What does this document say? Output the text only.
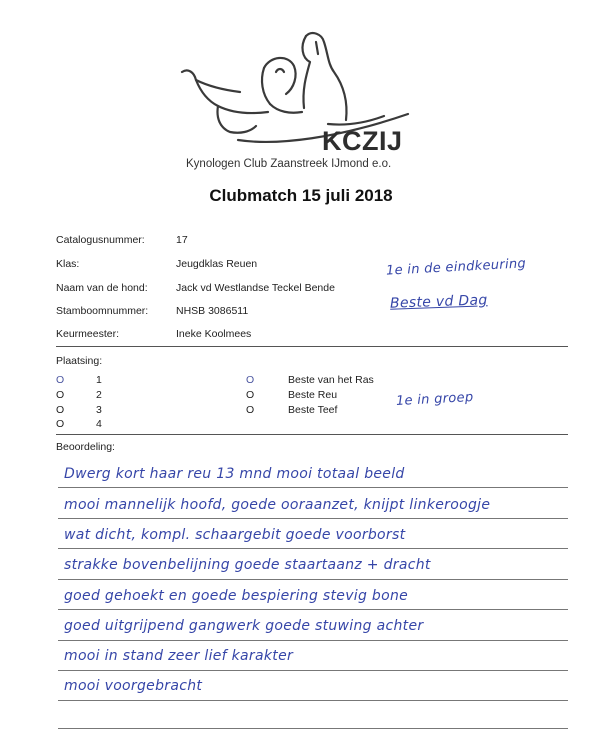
KCZIJ
Kynologen Club Zaanstreek IJmond e.o.
Clubmatch 15 juli 2018
Catalogusnummer:	17
Klas:	Jeugdklas Reuen
Naam van de hond:	Jack vd Westlandse Teckel Bende
Stamboomnummer:	NHSB 3086511
Keurmeester:	Ineke Koolmees
1e in de eindkeuring
Beste vd Dag
Plaatsing:
O	1
O	2
O	3
O	4
O	Beste van het Ras
O	Beste Reu
O	Beste Teef
1e in groep
Beoordeling:
Dwerg kort haar reu 13 mnd mooi totaal beeld
mooi mannelijk hoofd, goede ooraanzet, knijpt linkeroogje
wat dicht, kompl. schaargebit goede voorborst
strakke bovenbelijning goede staartaanz + dracht
goed gehoekt en goede bespiering stevig bone
goed uitgrijpend gangwerk goede stuwing achter
mooi in stand zeer lief karakter
mooi voorgebracht
